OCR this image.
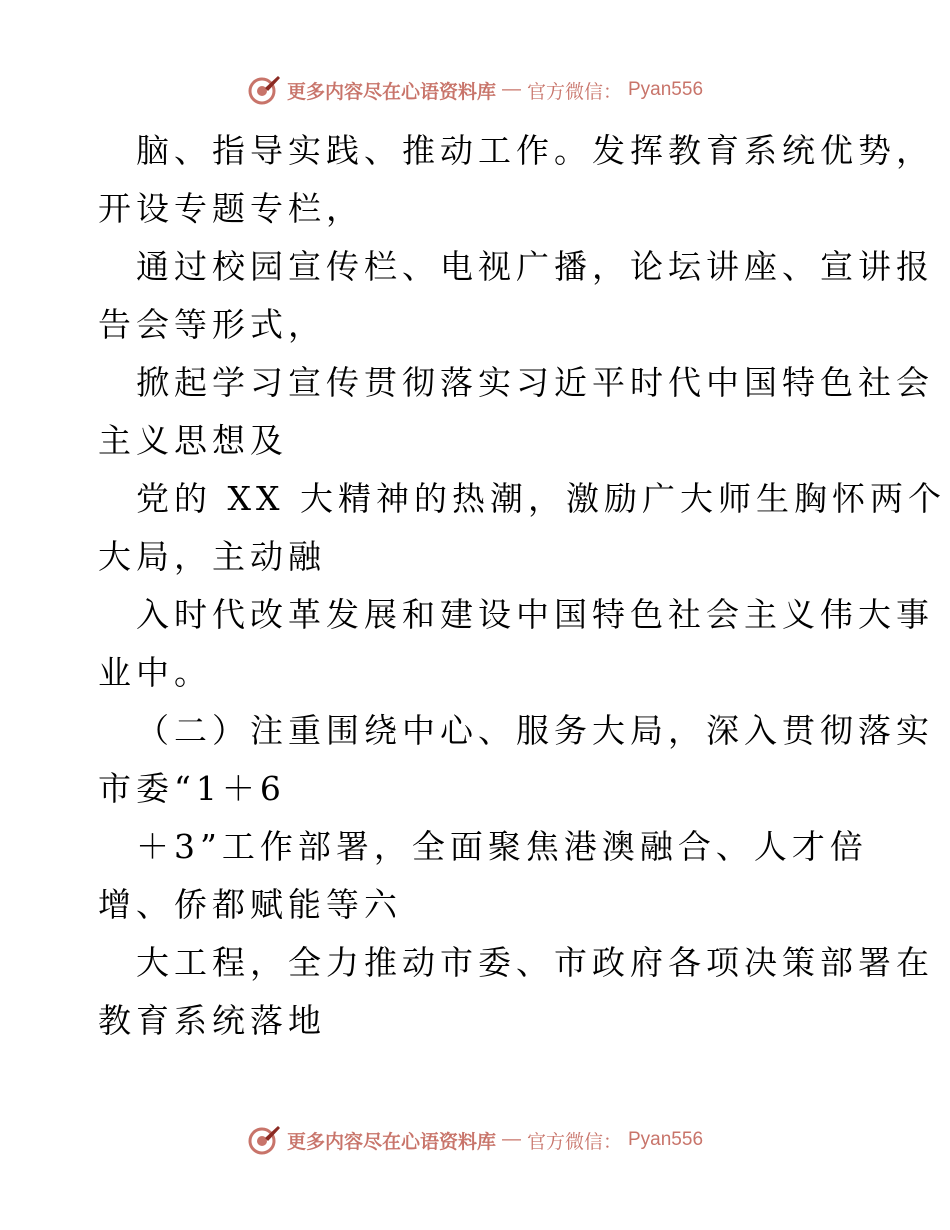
更多内容尽在心语资料库 — 官方微信： Pyan556
脑、指导实践、推动工作。发挥教育系统优势，
开设专题专栏，
通过校园宣传栏、电视广播，论坛讲座、宣讲报
告会等形式，
掀起学习宣传贯彻落实习近平时代中国特色社会
主义思想及
党的 XX 大精神的热潮，激励广大师生胸怀两个
大局，主动融
入时代改革发展和建设中国特色社会主义伟大事
业中。
（二）注重围绕中心、服务大局，深入贯彻落实
市委“1＋6
＋3”工作部署，全面聚焦港澳融合、人才倍
增、侨都赋能等六
大工程，全力推动市委、市政府各项决策部署在
教育系统落地
更多内容尽在心语资料库 — 官方微信： Pyan556
